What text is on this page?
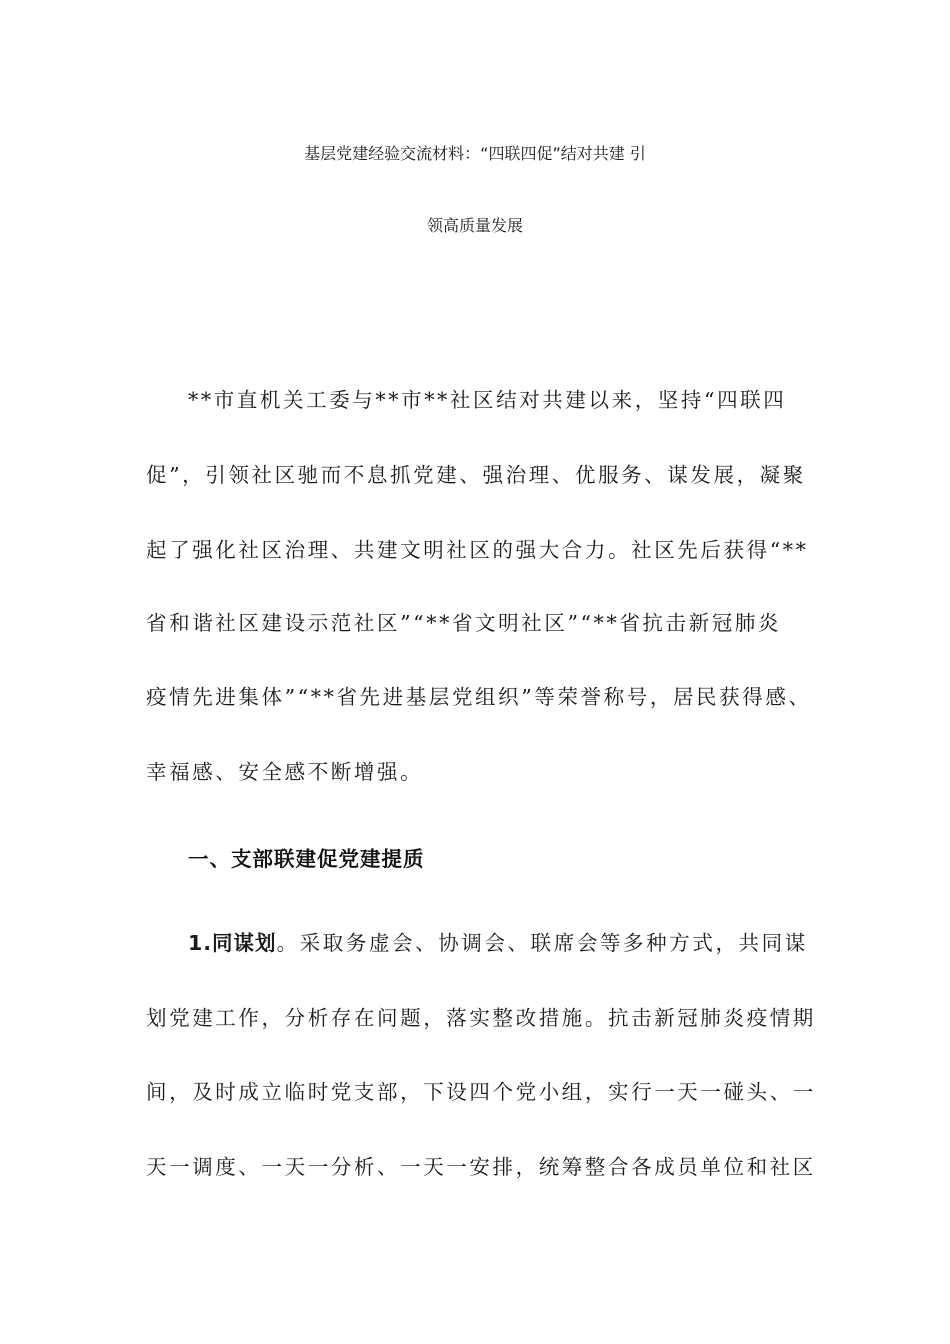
基层党建经验交流材料：“四联四促”结对共建 引
领高质量发展
**市直机关工委与**市**社区结对共建以来，坚持“四联四
促”，引领社区驰而不息抓党建、强治理、优服务、谋发展，凝聚
起了强化社区治理、共建文明社区的强大合力。社区先后获得“**
省和谐社区建设示范社区”“**省文明社区”“**省抗击新冠肺炎
疫情先进集体”“**省先进基层党组织”等荣誉称号，居民获得感、
幸福感、安全感不断增强。
一、支部联建促党建提质
1.同谋划。采取务虚会、协调会、联席会等多种方式，共同谋
划党建工作，分析存在问题，落实整改措施。抗击新冠肺炎疫情期
间，及时成立临时党支部，下设四个党小组，实行一天一碰头、一
天一调度、一天一分析、一天一安排，统筹整合各成员单位和社区
